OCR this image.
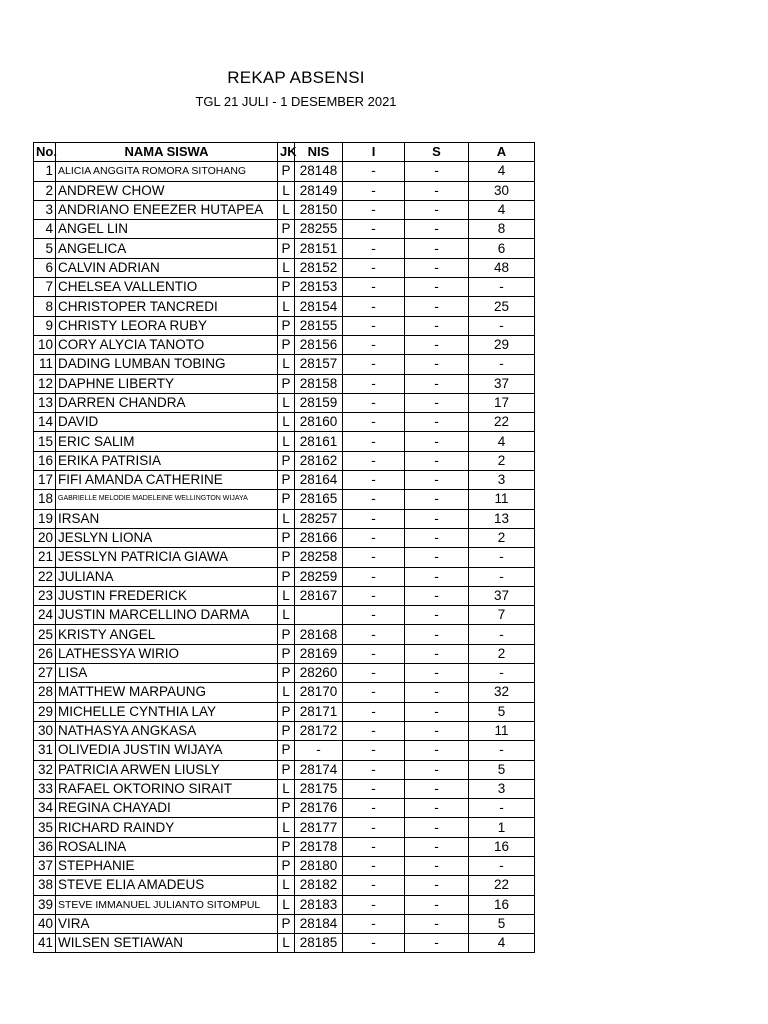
REKAP ABSENSI
TGL 21 JULI - 1 DESEMBER 2021
No.	NAMA SISWA	JK	NIS	I	S	A
1	ALICIA ANGGITA ROMORA SITOHANG	P	28148	-	-	4
2	ANDREW CHOW	L	28149	-	-	30
3	ANDRIANO ENEEZER HUTAPEA	L	28150	-	-	4
4	ANGEL LIN	P	28255	-	-	8
5	ANGELICA	P	28151	-	-	6
6	CALVIN ADRIAN	L	28152	-	-	48
7	CHELSEA VALLENTIO	P	28153	-	-	-
8	CHRISTOPER TANCREDI	L	28154	-	-	25
9	CHRISTY LEORA RUBY	P	28155	-	-	-
10	CORY ALYCIA TANOTO	P	28156	-	-	29
11	DADING LUMBAN TOBING	L	28157	-	-	-
12	DAPHNE LIBERTY	P	28158	-	-	37
13	DARREN CHANDRA	L	28159	-	-	17
14	DAVID	L	28160	-	-	22
15	ERIC SALIM	L	28161	-	-	4
16	ERIKA PATRISIA	P	28162	-	-	2
17	FIFI AMANDA CATHERINE	P	28164	-	-	3
18	GABRIELLE MELODIE MADELEINE WELLINGTON WIJAYA	P	28165	-	-	11
19	IRSAN	L	28257	-	-	13
20	JESLYN LIONA	P	28166	-	-	2
21	JESSLYN PATRICIA GIAWA	P	28258	-	-	-
22	JULIANA	P	28259	-	-	-
23	JUSTIN FREDERICK	L	28167	-	-	37
24	JUSTIN MARCELLINO DARMA	L		-	-	7
25	KRISTY ANGEL	P	28168	-	-	-
26	LATHESSYA WIRIO	P	28169	-	-	2
27	LISA	P	28260	-	-	-
28	MATTHEW MARPAUNG	L	28170	-	-	32
29	MICHELLE CYNTHIA LAY	P	28171	-	-	5
30	NATHASYA ANGKASA	P	28172	-	-	11
31	OLIVEDIA JUSTIN WIJAYA	P	-	-	-	-
32	PATRICIA ARWEN LIUSLY	P	28174	-	-	5
33	RAFAEL OKTORINO SIRAIT	L	28175	-	-	3
34	REGINA CHAYADI	P	28176	-	-	-
35	RICHARD RAINDY	L	28177	-	-	1
36	ROSALINA	P	28178	-	-	16
37	STEPHANIE	P	28180	-	-	-
38	STEVE ELIA AMADEUS	L	28182	-	-	22
39	STEVE IMMANUEL JULIANTO SITOMPUL	L	28183	-	-	16
40	VIRA	P	28184	-	-	5
41	WILSEN SETIAWAN	L	28185	-	-	4
